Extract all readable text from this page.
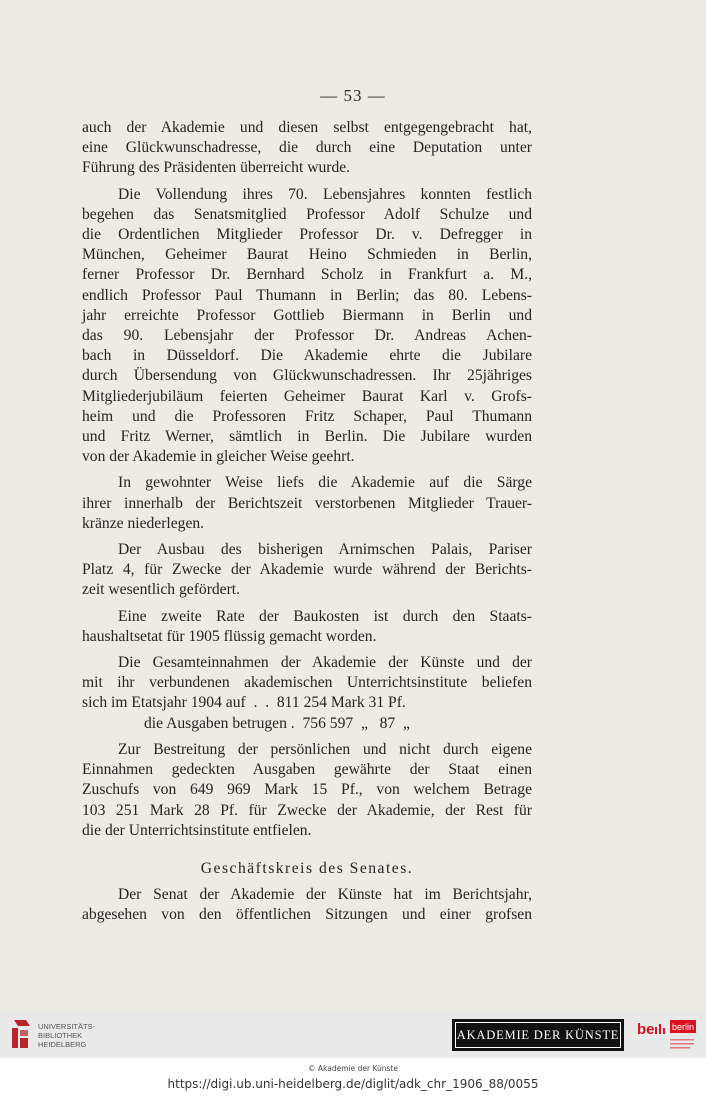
— 53 —

auch der Akademie und diesen selbst entgegengebracht hat,
eine Glückwunschadresse, die durch eine Deputation unter
Führung des Präsidenten überreicht wurde.

Die Vollendung ihres 70. Lebensjahres konnten festlich
begehen das Senatsmitglied Professor Adolf Schulze und
die Ordentlichen Mitglieder Professor Dr. v. Defregger in
München, Geheimer Baurat Heino Schmieden in Berlin,
ferner Professor Dr. Bernhard Scholz in Frankfurt a. M.,
endlich Professor Paul Thumann in Berlin; das 80. Lebens-
jahr erreichte Professor Gottlieb Biermann in Berlin und
das 90. Lebensjahr der Professor Dr. Andreas Achen-
bach in Düsseldorf. Die Akademie ehrte die Jubilare
durch Übersendung von Glückwunschadressen. Ihr 25jähriges
Mitgliederjubiläum feierten Geheimer Baurat Karl v. Grofs-
heim und die Professoren Fritz Schaper, Paul Thumann
und Fritz Werner, sämtlich in Berlin. Die Jubilare wurden
von der Akademie in gleicher Weise geehrt.

In gewohnter Weise liefs die Akademie auf die Särge
ihrer innerhalb der Berichtszeit verstorbenen Mitglieder Trauer-
kränze niederlegen.

Der Ausbau des bisherigen Arnimschen Palais, Pariser
Platz 4, für Zwecke der Akademie wurde während der Berichts-
zeit wesentlich gefördert.

Eine zweite Rate der Baukosten ist durch den Staats-
haushaltsetat für 1905 flüssig gemacht worden.

Die Gesamteinnahmen der Akademie der Künste und der
mit ihr verbundenen akademischen Unterrichtsinstitute beliefen
sich im Etatsjahr 1904 auf  .  .  811 254 Mark 31 Pf.
die Ausgaben betrugen .  756 597  „   87  „

Zur Bestreitung der persönlichen und nicht durch eigene
Einnahmen gedeckten Ausgaben gewährte der Staat einen
Zuschufs von 649 969 Mark 15 Pf., von welchem Betrage
103 251 Mark 28 Pf. für Zwecke der Akademie, der Rest für
die der Unterrichtsinstitute entfielen.

Geschäftskreis des Senates.

Der Senat der Akademie der Künste hat im Berichtsjahr,
abgesehen von den öffentlichen Sitzungen und einer grofsen

UNIVERSITÄTS-
BIBLIOTHEK
HEIDELBERG
AKADEMIE DER KÜNSTE be berlin
© Akademie der Künste
https://digi.ub.uni-heidelberg.de/diglit/adk_chr_1906_88/0055
